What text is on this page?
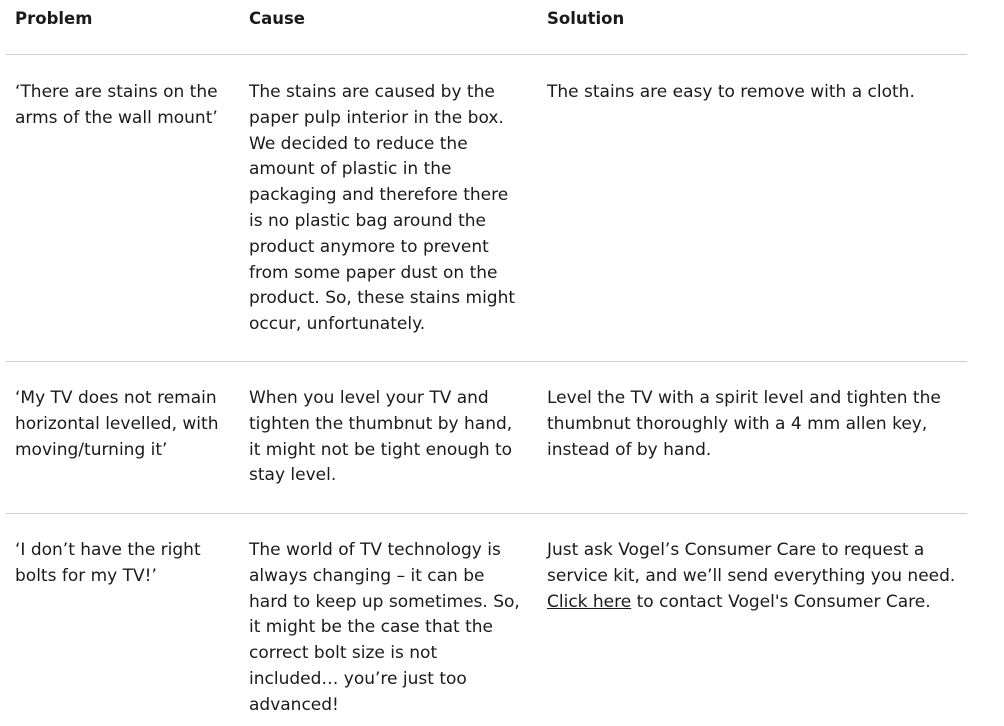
Problem	Cause	Solution
‘There are stains on the arms of the wall mount’
The stains are caused by the paper pulp interior in the box. We decided to reduce the amount of plastic in the packaging and therefore there is no plastic bag around the product anymore to prevent from some paper dust on the product. So, these stains might occur, unfortunately.
The stains are easy to remove with a cloth.
‘My TV does not remain horizontal levelled, with moving/turning it’
When you level your TV and tighten the thumbnut by hand, it might not be tight enough to stay level.
Level the TV with a spirit level and tighten the thumbnut thoroughly with a 4 mm allen key, instead of by hand.
‘I don’t have the right bolts for my TV!’
The world of TV technology is always changing – it can be hard to keep up sometimes. So, it might be the case that the correct bolt size is not included… you’re just too advanced!
Just ask Vogel’s Consumer Care to request a service kit, and we’ll send everything you need.
Click here to contact Vogel's Consumer Care.
